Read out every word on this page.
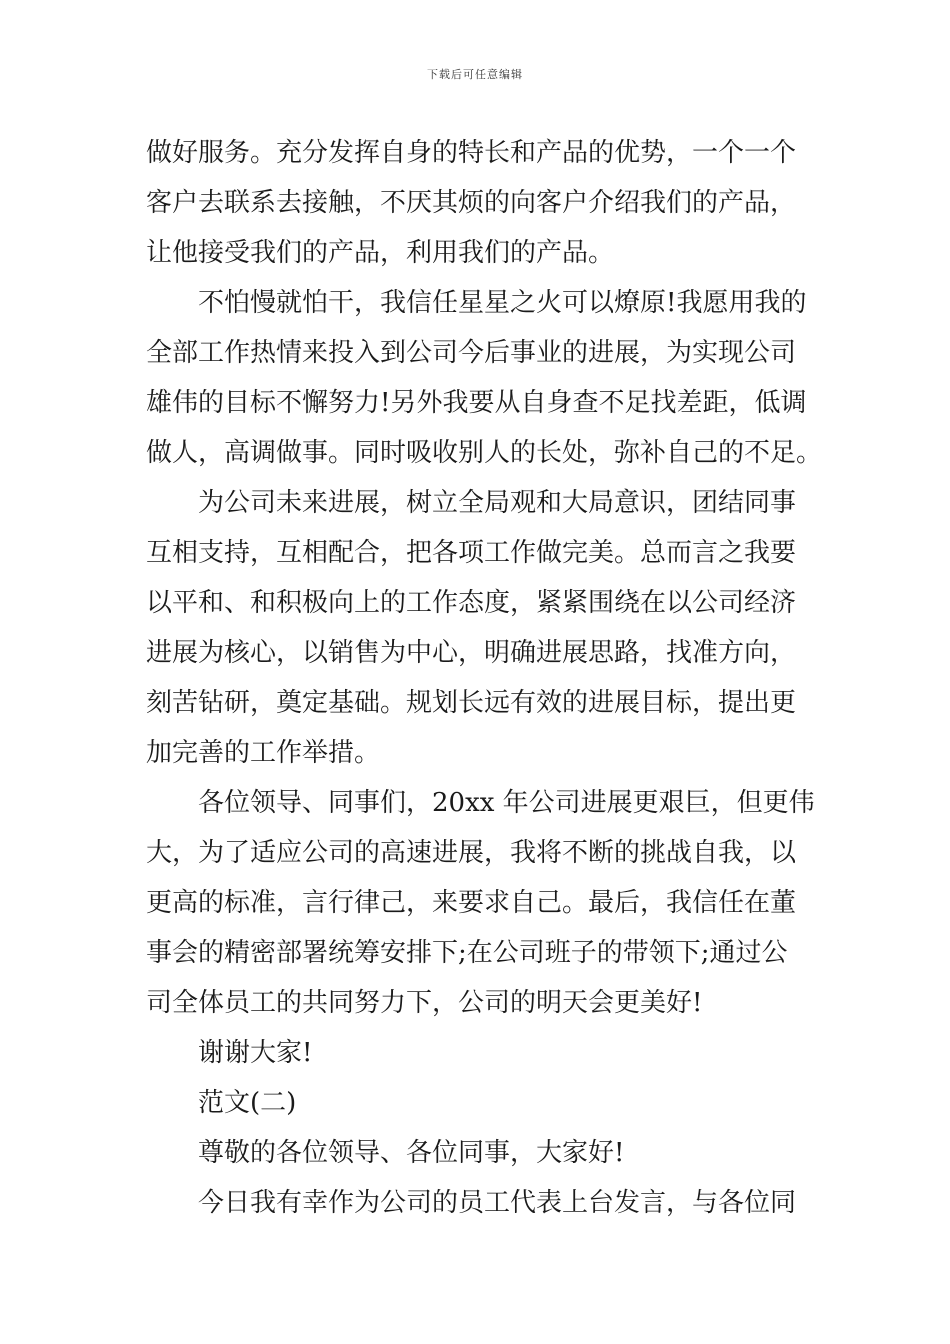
下载后可任意编辑

做好服务。充分发挥自身的特长和产品的优势，一个一个
客户去联系去接触，不厌其烦的向客户介绍我们的产品，
让他接受我们的产品，利用我们的产品。

不怕慢就怕干，我信任星星之火可以燎原!我愿用我的
全部工作热情来投入到公司今后事业的进展，为实现公司
雄伟的目标不懈努力!另外我要从自身查不足找差距，低调
做人，高调做事。同时吸收别人的长处，弥补自己的不足。

为公司未来进展，树立全局观和大局意识，团结同事
互相支持，互相配合，把各项工作做完美。总而言之我要
以平和、和积极向上的工作态度，紧紧围绕在以公司经济
进展为核心，以销售为中心，明确进展思路，找准方向，
刻苦钻研，奠定基础。规划长远有效的进展目标，提出更
加完善的工作举措。

各位领导、同事们，20xx 年公司进展更艰巨，但更伟
大，为了适应公司的高速进展，我将不断的挑战自我，以
更高的标准，言行律己，来要求自己。最后，我信任在董
事会的精密部署统筹安排下;在公司班子的带领下;通过公
司全体员工的共同努力下，公司的明天会更美好!

谢谢大家!

范文(二)

尊敬的各位领导、各位同事，大家好!

今日我有幸作为公司的员工代表上台发言，与各位同
